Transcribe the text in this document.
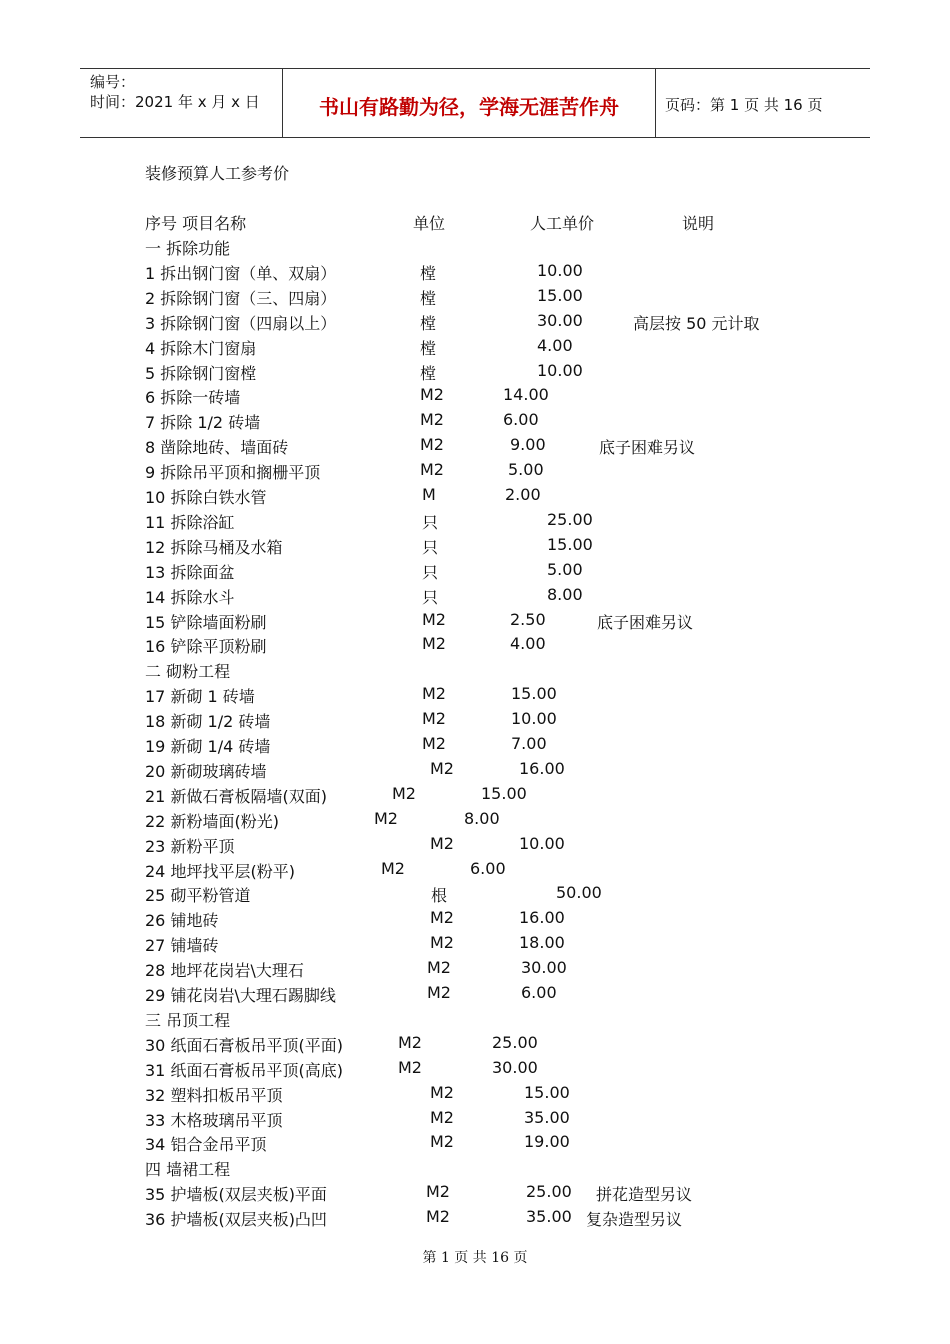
编号：
时间：2021 年 x 月 x 日	书山有路勤为径，学海无涯苦作舟	页码：第 1 页 共 16 页
装修预算人工参考价
序号 项目名称	单位	人工单价	说明
一 拆除功能
1 拆出钢门窗（单、双扇）	樘	10.00
2 拆除钢门窗（三、四扇）	樘	15.00
3 拆除钢门窗（四扇以上）	樘	30.00	高层按 50 元计取
4 拆除木门窗扇	樘	4.00
5 拆除钢门窗樘	樘	10.00
6 拆除一砖墙	M2	14.00
7 拆除 1/2 砖墙	M2	6.00
8 凿除地砖、墙面砖	M2	9.00	底子困难另议
9 拆除吊平顶和搁栅平顶	M2	5.00
10 拆除白铁水管	M	2.00
11 拆除浴缸	只	25.00
12 拆除马桶及水箱	只	15.00
13 拆除面盆	只	5.00
14 拆除水斗	只	8.00
15 铲除墙面粉刷	M2	2.50	底子困难另议
16 铲除平顶粉刷	M2	4.00
二 砌粉工程
17 新砌 1 砖墙	M2	15.00
18 新砌 1/2 砖墙	M2	10.00
19 新砌 1/4 砖墙	M2	7.00
20 新砌玻璃砖墙	M2	16.00
21 新做石膏板隔墙(双面)	M2	15.00
22 新粉墙面(粉光)	M2	8.00
23 新粉平顶	M2	10.00
24 地坪找平层(粉平)	M2	6.00
25 砌平粉管道	根	50.00
26 铺地砖	M2	16.00
27 铺墙砖	M2	18.00
28 地坪花岗岩\大理石	M2	30.00
29 铺花岗岩\大理石踢脚线	M2	6.00
三 吊顶工程
30 纸面石膏板吊平顶(平面)	M2	25.00
31 纸面石膏板吊平顶(高底)	M2	30.00
32 塑料扣板吊平顶	M2	15.00
33 木格玻璃吊平顶	M2	35.00
34 铝合金吊平顶	M2	19.00
四 墙裙工程
35 护墙板(双层夹板)平面	M2	25.00 拼花造型另议
36 护墙板(双层夹板)凸凹	M2	35.00 复杂造型另议
第 1 页 共 16 页
